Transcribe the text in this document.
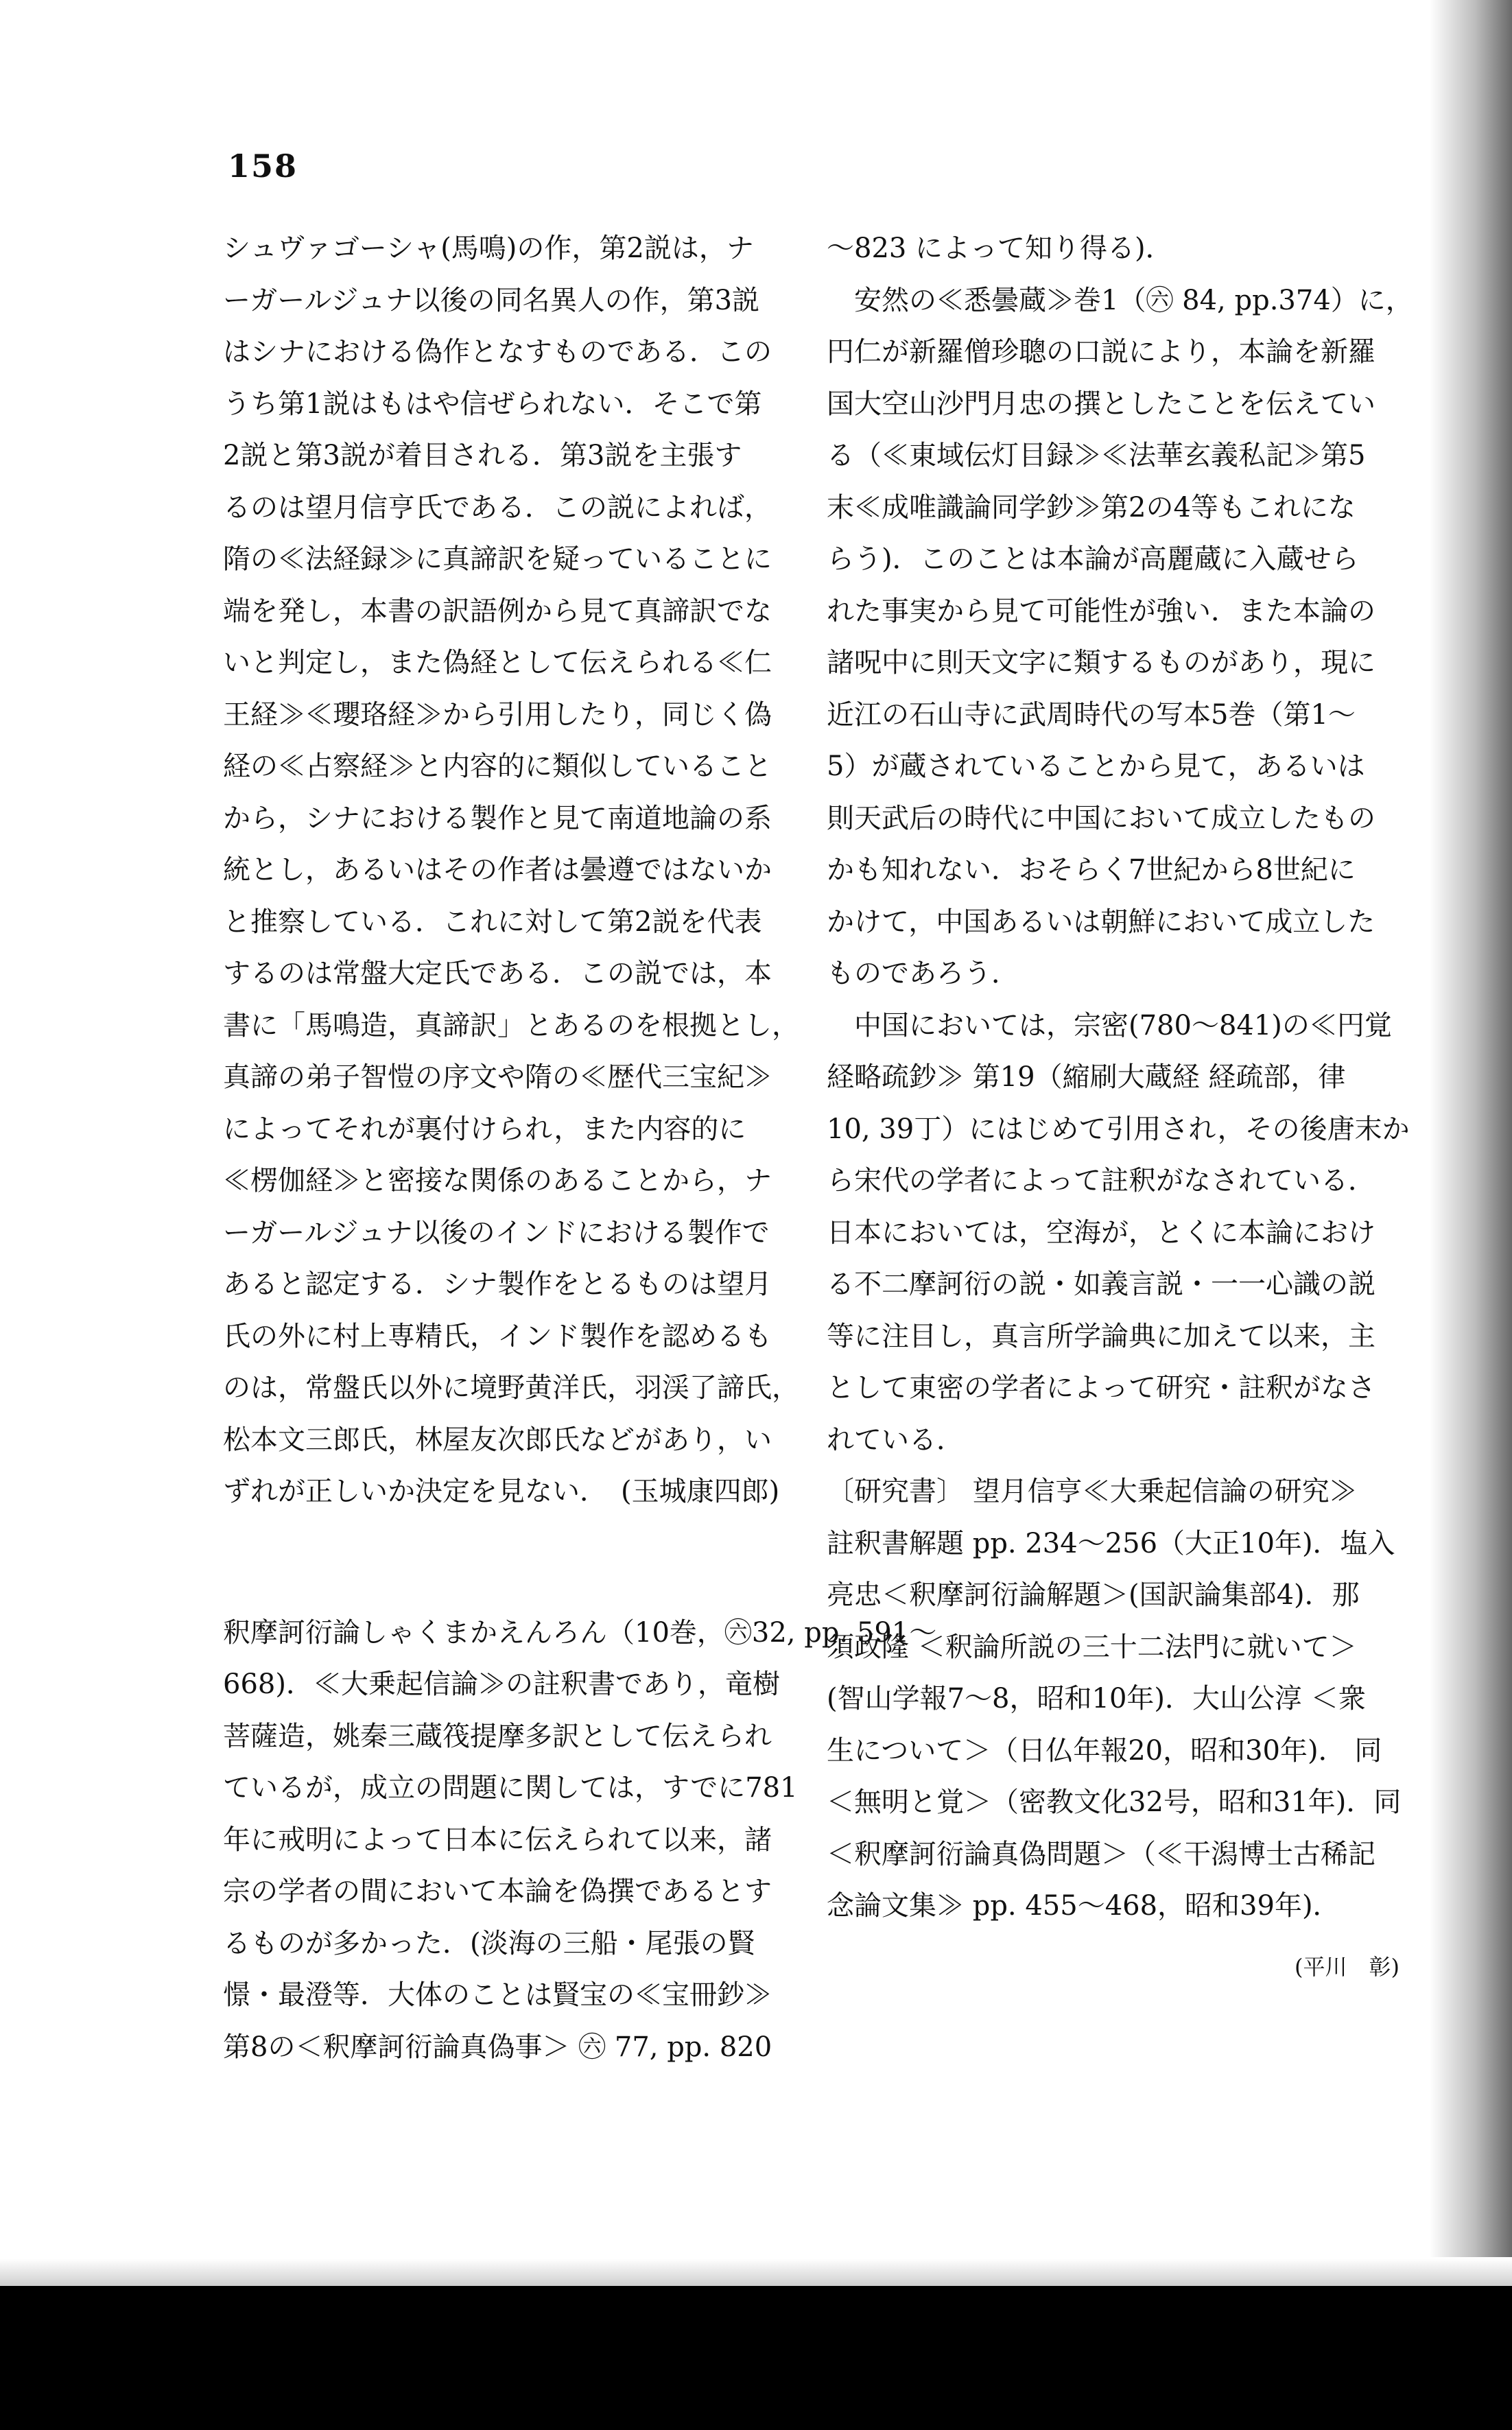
158
シュヴァゴーシャ(馬鳴)の作，第2説は，ナ
ーガールジュナ以後の同名異人の作，第3説
はシナにおける偽作となすものである．この
うち第1説はもはや信ぜられない．そこで第
2説と第3説が着目される．第3説を主張す
るのは望月信亨氏である．この説によれば，
隋の≪法経録≫に真諦訳を疑っていることに
端を発し，本書の訳語例から見て真諦訳でな
いと判定し，また偽経として伝えられる≪仁
王経≫≪瓔珞経≫から引用したり，同じく偽
経の≪占察経≫と内容的に類似していること
から，シナにおける製作と見て南道地論の系
統とし，あるいはその作者は曇遵ではないか
と推察している．これに対して第2説を代表
するのは常盤大定氏である．この説では，本
書に「馬鳴造，真諦訳」とあるのを根拠とし，
真諦の弟子智愷の序文や隋の≪歴代三宝紀≫
によってそれが裏付けられ，また内容的に
≪楞伽経≫と密接な関係のあることから，ナ
ーガールジュナ以後のインドにおける製作で
あると認定する．シナ製作をとるものは望月
氏の外に村上専精氏，インド製作を認めるも
のは，常盤氏以外に境野黄洋氏，羽渓了諦氏，
松本文三郎氏，林屋友次郎氏などがあり，い
ずれが正しいか決定を見ない．　(玉城康四郎)
釈摩訶衍論しゃくまかえんろん（10巻，㊅32, pp. 591～
668)．≪大乗起信論≫の註釈書であり，竜樹
菩薩造，姚秦三蔵筏提摩多訳として伝えられ
ているが，成立の問題に関しては，すでに781
年に戒明によって日本に伝えられて以来，諸
宗の学者の間において本論を偽撰であるとす
るものが多かった．(淡海の三船・尾張の賢
憬・最澄等．大体のことは賢宝の≪宝冊鈔≫
第8の＜釈摩訶衍論真偽事＞ ㊅ 77, pp. 820
～823 によって知り得る)．
　安然の≪悉曇蔵≫巻1（㊅ 84, pp.374）に，
円仁が新羅僧珍聰の口説により，本論を新羅
国大空山沙門月忠の撰としたことを伝えてい
る（≪東域伝灯目録≫≪法華玄義私記≫第5
末≪成唯識論同学鈔≫第2の4等もこれにな
らう)．このことは本論が高麗蔵に入蔵せら
れた事実から見て可能性が強い．また本論の
諸呪中に則天文字に類するものがあり，現に
近江の石山寺に武周時代の写本5巻（第1～
5）が蔵されていることから見て，あるいは
則天武后の時代に中国において成立したもの
かも知れない．おそらく7世紀から8世紀に
かけて，中国あるいは朝鮮において成立した
ものであろう．
　中国においては，宗密(780～841)の≪円覚
経略疏鈔≫ 第19（縮刷大蔵経 経疏部，律
10, 39丁）にはじめて引用され，その後唐末か
ら宋代の学者によって註釈がなされている．
日本においては，空海が，とくに本論におけ
る不二摩訶衍の説・如義言説・一一心識の説
等に注目し，真言所学論典に加えて以来，主
として東密の学者によって研究・註釈がなさ
れている．
〔研究書〕 望月信亨≪大乗起信論の研究≫
註釈書解題 pp. 234～256（大正10年)．塩入
亮忠＜釈摩訶衍論解題＞(国訳論集部4)．那
須政隆 ＜釈論所説の三十二法門に就いて＞
(智山学報7～8，昭和10年)．大山公淳 ＜衆
生について＞（日仏年報20，昭和30年)． 同
＜無明と覚＞（密教文化32号，昭和31年)．同
＜釈摩訶衍論真偽問題＞（≪干潟博士古稀記
念論文集≫ pp. 455～468，昭和39年)．
(平川　彰)
